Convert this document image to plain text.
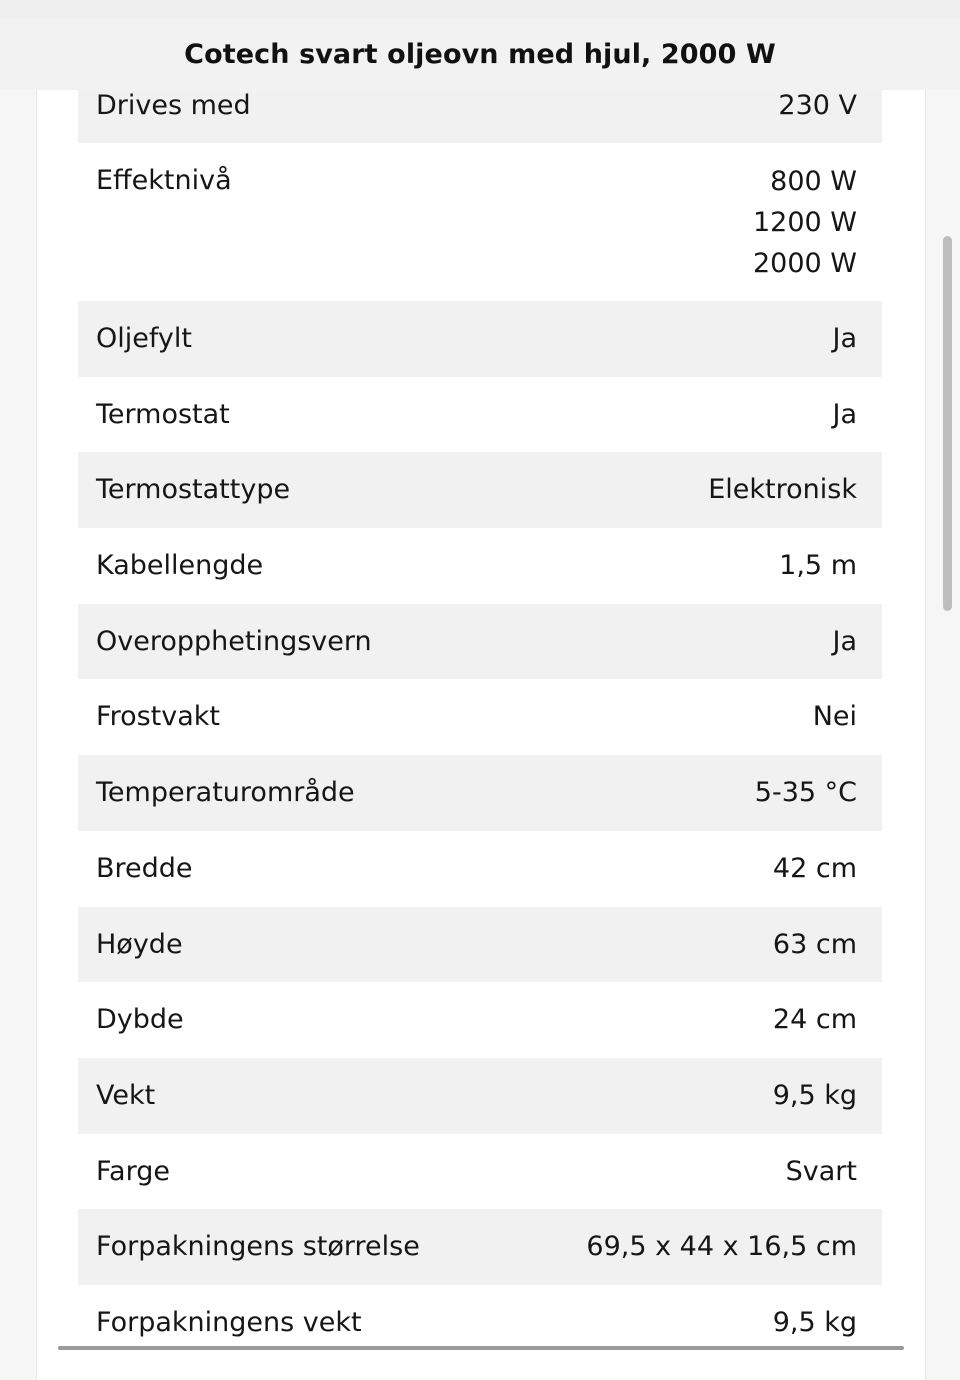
Cotech svart oljeovn med hjul, 2000 W
Drives med	230 V
Effektnivå	800 W
1200 W
2000 W
Oljefylt	Ja
Termostat	Ja
Termostattype	Elektronisk
Kabellengde	1,5 m
Overopphetingsvern	Ja
Frostvakt	Nei
Temperaturområde	5-35 °C
Bredde	42 cm
Høyde	63 cm
Dybde	24 cm
Vekt	9,5 kg
Farge	Svart
Forpakningens størrelse	69,5 x 44 x 16,5 cm
Forpakningens vekt	9,5 kg
